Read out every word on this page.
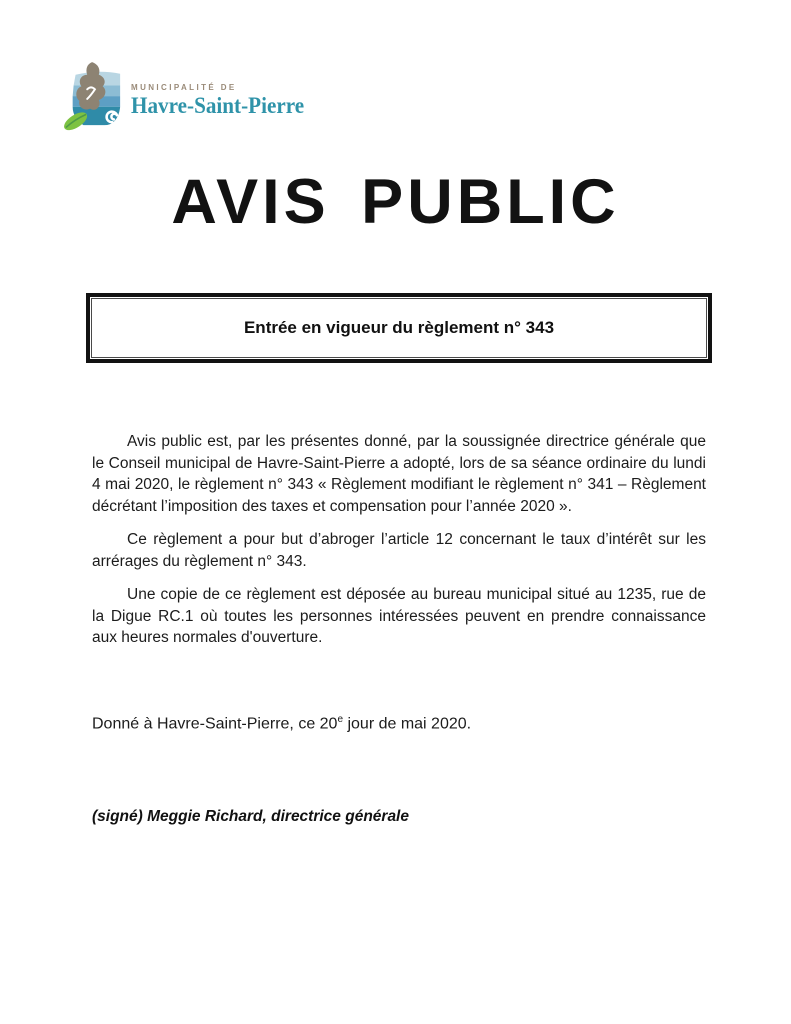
MUNICIPALITÉ DE
Havre-Saint-Pierre
AVIS PUBLIC
Entrée en vigueur du règlement n° 343

Avis public est, par les présentes donné, par la soussignée directrice générale que le Conseil municipal de Havre-Saint-Pierre a adopté, lors de sa séance ordinaire du lundi 4 mai 2020, le règlement n° 343 « Règlement modifiant le règlement n° 341 – Règlement décrétant l’imposition des taxes et compensation pour l’année 2020 ».

Ce règlement a pour but d’abroger l’article 12 concernant le taux d’intérêt sur les arrérages du règlement n° 343.

Une copie de ce règlement est déposée au bureau municipal situé au 1235, rue de la Digue RC.1 où toutes les personnes intéressées peuvent en prendre connaissance aux heures normales d'ouverture.

Donné à Havre-Saint-Pierre, ce 20e jour de mai 2020.

(signé) Meggie Richard, directrice générale
